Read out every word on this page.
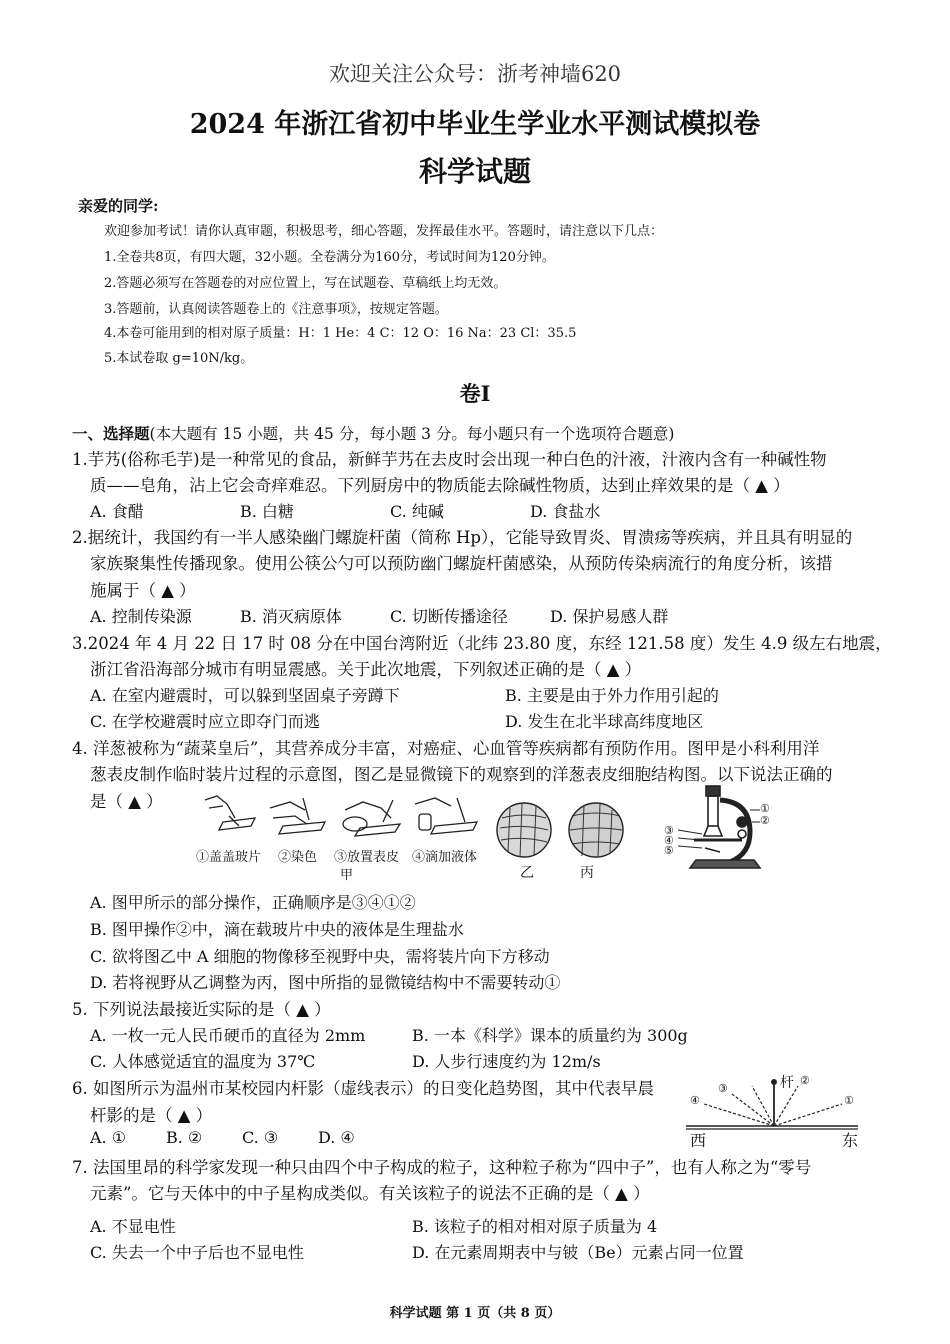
欢迎关注公众号：浙考神墙620
2024 年浙江省初中毕业生学业水平测试模拟卷
科学试题
亲爱的同学:
欢迎参加考试！请你认真审题，积极思考，细心答题，发挥最佳水平。答题时，请注意以下几点：
1.全卷共8页，有四大题，32小题。全卷满分为160分，考试时间为120分钟。
2.答题必须写在答题卷的对应位置上，写在试题卷、草稿纸上均无效。
3.答题前，认真阅读答题卷上的《注意事项》，按规定答题。
4.本卷可能用到的相对原子质量：H：1 He：4 C：12 O：16 Na：23 Cl：35.5
5.本试卷取 g=10N/kg。
卷Ⅰ
一、选择题(本大题有 15 小题，共 45 分，每小题 3 分。每小题只有一个选项符合题意)
1.芋艿(俗称毛芋)是一种常见的食品，新鲜芋艿在去皮时会出现一种白色的汁液，汁液内含有一种碱性物
质——皂角，沾上它会奇痒难忍。下列厨房中的物质能去除碱性物质，达到止痒效果的是（ ▲ ）
A. 食醋	B. 白糖	C. 纯碱	D. 食盐水
2.据统计，我国约有一半人感染幽门螺旋杆菌（简称 Hp），它能导致胃炎、胃溃疡等疾病，并且具有明显的
家族聚集性传播现象。使用公筷公勺可以预防幽门螺旋杆菌感染，从预防传染病流行的角度分析，该措
施属于（ ▲ ）
A. 控制传染源	B. 消灭病原体	C. 切断传播途径	D. 保护易感人群
3.2024 年 4 月 22 日 17 时 08 分在中国台湾附近（北纬 23.80 度，东经 121.58 度）发生 4.9 级左右地震，
浙江省沿海部分城市有明显震感。关于此次地震，下列叙述正确的是（ ▲ ）
A. 在室内避震时，可以躲到坚固桌子旁蹲下	B. 主要是由于外力作用引起的
C. 在学校避震时应立即夺门而逃	D. 发生在北半球高纬度地区
4. 洋葱被称为“蔬菜皇后”，其营养成分丰富，对癌症、心血管等疾病都有预防作用。图甲是小科利用洋
葱表皮制作临时装片过程的示意图，图乙是显微镜下的观察到的洋葱表皮细胞结构图。以下说法正确的
是（ ▲ ）
①盖盖玻片 ②染色 ③放置表皮 ④滴加液体
甲	乙	丙
①
②
③
④
⑤
A. 图甲所示的部分操作，正确顺序是③④①②
B. 图甲操作②中，滴在载玻片中央的液体是生理盐水
C. 欲将图乙中 A 细胞的物像移至视野中央，需将装片向下方移动
D. 若将视野从乙调整为丙，图中所指的显微镜结构中不需要转动①
5. 下列说法最接近实际的是（ ▲ ）
A. 一枚一元人民币硬币的直径为 2mm	B. 一本《科学》课本的质量约为 300g
C. 人体感觉适宜的温度为 37℃	D. 人步行速度约为 12m/s
6. 如图所示为温州市某校园内杆影（虚线表示）的日变化趋势图，其中代表早晨
杆影的是（ ▲ ）
A. ① B. ② C. ③ D. ④
杆
④
③
②
①
西	东
7. 法国里昂的科学家发现一种只由四个中子构成的粒子，这种粒子称为“四中子”，也有人称之为“零号
元素”。它与天体中的中子星构成类似。有关该粒子的说法不正确的是（ ▲ ）
A. 不显电性	B. 该粒子的相对相对原子质量为 4
C. 失去一个中子后也不显电性	D. 在元素周期表中与铍（Be）元素占同一位置
科学试题 第 1 页（共 8 页）
